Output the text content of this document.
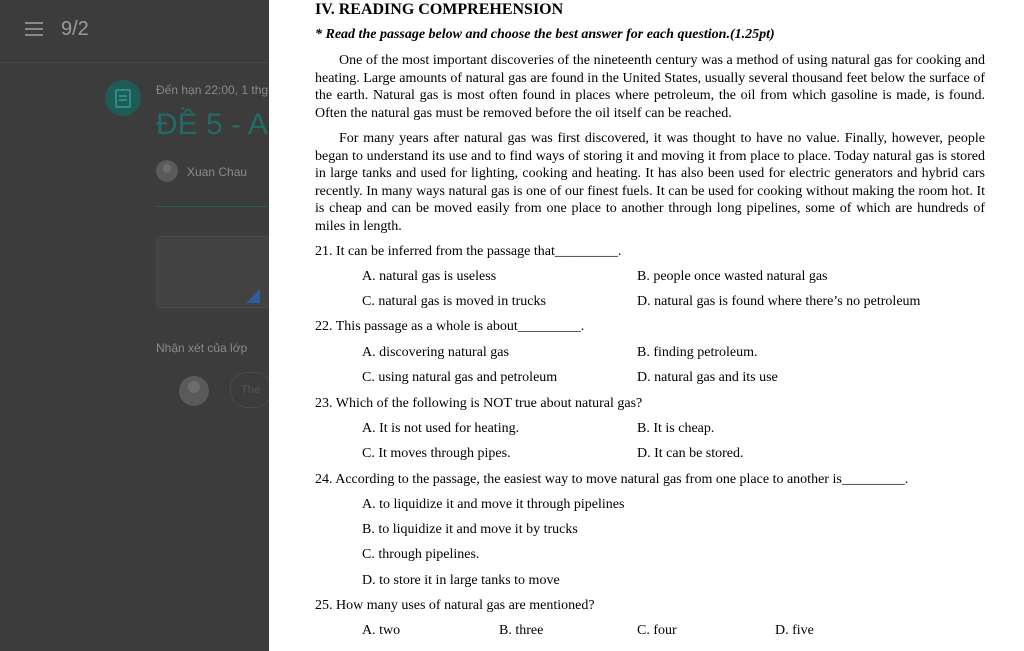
9/2
Đến hạn 22:00, 1 thg
ĐỀ 5 - A
Xuan Chau
Nhận xét của lớp
The
IV. READING COMPREHENSION
* Read the passage below and choose the best answer for each question.(1.25pt)
One of the most important discoveries of the nineteenth century was a method of using natural gas for cooking and heating. Large amounts of natural gas are found in the United States, usually several thousand feet below the surface of the earth. Natural gas is most often found in places where petroleum, the oil from which gasoline is made, is found. Often the natural gas must be removed before the oil itself can be reached.
For many years after natural gas was first discovered, it was thought to have no value. Finally, however, people began to understand its use and to find ways of storing it and moving it from place to place. Today natural gas is stored in large tanks and used for lighting, cooking and heating. It has also been used for electric generators and hybrid cars recently. In many ways natural gas is one of our finest fuels. It can be used for cooking without making the room hot. It is cheap and can be moved easily from one place to another through long pipelines, some of which are hundreds of miles in length.
21. It can be inferred from the passage that_________.
A. natural gas is useless	B. people once wasted natural gas
C. natural gas is moved in trucks	D. natural gas is found where there’s no petroleum
22. This passage as a whole is about_________.
A. discovering natural gas	B. finding petroleum.
C. using natural gas and petroleum	D. natural gas and its use
23. Which of the following is NOT true about natural gas?
A. It is not used for heating.	B. It is cheap.
C. It moves through pipes.	D. It can be stored.
24. According to the passage, the easiest way to move natural gas from one place to another is_________.
A. to liquidize it and move it through pipelines
B. to liquidize it and move it by trucks
C. through pipelines.
D. to store it in large tanks to move
25. How many uses of natural gas are mentioned?
A. two	B. three	C. four	D. five
